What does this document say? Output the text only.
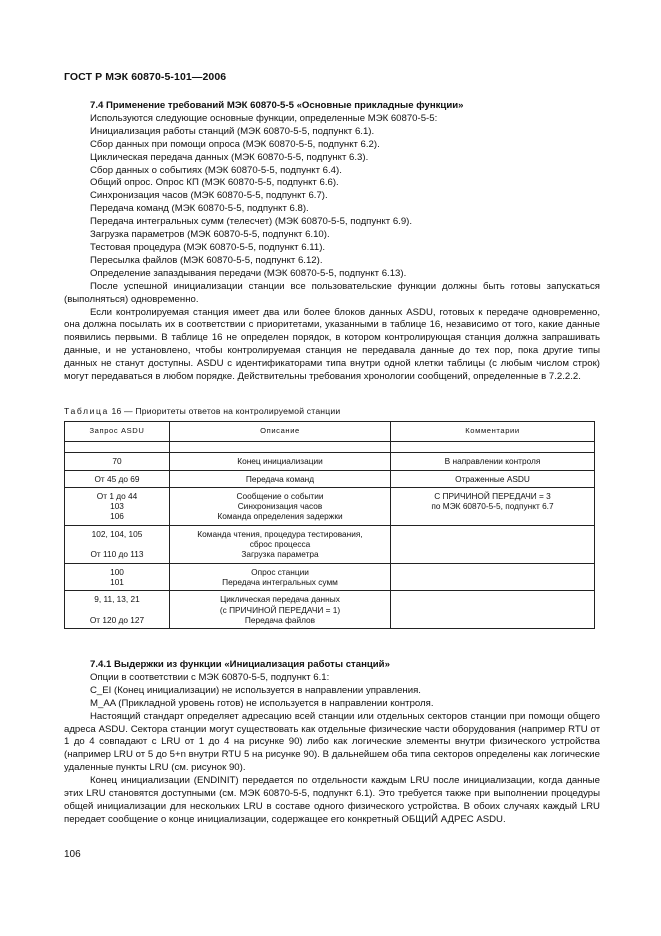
ГОСТ Р МЭК 60870-5-101—2006

7.4 Применение требований МЭК 60870-5-5 «Основные прикладные функции»

Используются следующие основные функции, определенные МЭК 60870-5-5:

Инициализация работы станций (МЭК 60870-5-5, подпункт 6.1).

Сбор данных при помощи опроса (МЭК 60870-5-5, подпункт 6.2).

Циклическая передача данных (МЭК 60870-5-5, подпункт 6.3).

Сбор данных о событиях (МЭК 60870-5-5, подпункт 6.4).

Общий опрос. Опрос КП (МЭК 60870-5-5, подпункт 6.6).

Синхронизация часов (МЭК 60870-5-5, подпункт 6.7).

Передача команд (МЭК 60870-5-5, подпункт 6.8).

Передача интегральных сумм (телесчет) (МЭК 60870-5-5, подпункт 6.9).

Загрузка параметров (МЭК 60870-5-5, подпункт 6.10).

Тестовая процедура (МЭК 60870-5-5, подпункт 6.11).

Пересылка файлов (МЭК 60870-5-5, подпункт 6.12).

Определение запаздывания передачи (МЭК 60870-5-5, подпункт 6.13).

После успешной инициализации станции все пользовательские функции должны быть готовы запускаться (выполняться) одновременно.

Если контролируемая станция имеет два или более блоков данных ASDU, готовых к передаче одновременно, она должна посылать их в соответствии с приоритетами, указанными в таблице 16, независимо от того, какие данные появились первыми. В таблице 16 не определен порядок, в котором контролирующая станция должна запрашивать данные, и не установлено, чтобы контролируемая станция не передавала данные до тех пор, пока другие типы данных не станут доступны. ASDU с идентификаторами типа внутри одной клетки таблицы (с любым числом строк) могут передаваться в любом порядке. Действительны требования хронологии сообщений, определенные в 7.2.2.2.

Таблица 16 — Приоритеты ответов на контролируемой станции
Запрос ASDU	Описание	Комментарии

70	Конец инициализации	В направлении контроля

От 45 до 69	Передача команд	Отраженные ASDU

От 1 до 44
103
106	Сообщение о событии
Синхронизация часов
Команда определения задержки	С ПРИЧИНОЙ ПЕРЕДАЧИ = 3
по МЭК 60870-5-5, подпункт 6.7

102, 104, 105
От 110 до 113	Команда чтения, процедура тестирования,
сброс процесса
Загрузка параметра	

100
101	Опрос станции
Передача интегральных сумм	

9, 11, 13, 21
От 120 до 127	Циклическая передача данных
(с ПРИЧИНОЙ ПЕРЕДАЧИ = 1)
Передача файлов	

7.4.1 Выдержки из функции «Инициализация работы станций»

Опции в соответствии с МЭК 60870-5-5, подпункт 6.1:

C_EI (Конец инициализации) не используется в направлении управления.

M_AA (Прикладной уровень готов) не используется в направлении контроля.

Настоящий стандарт определяет адресацию всей станции или отдельных секторов станции при помощи общего адреса ASDU. Сектора станции могут существовать как отдельные физические части оборудования (например RTU от 1 до 4 совпадают с LRU от 1 до 4 на рисунке 90) либо как логические элементы внутри физического устройства (например LRU от 5 до 5+n внутри RTU 5 на рисунке 90). В дальнейшем оба типа секторов определены как логические удаленные пункты LRU (см. рисунок 90).

Конец инициализации (ENDINIT) передается по отдельности каждым LRU после инициализации, когда данные этих LRU становятся доступными (см. МЭК 60870-5-5, подпункт 6.1). Это требуется также при выполнении процедуры общей инициализации для нескольких LRU в составе одного физического устройства. В обоих случаях каждый LRU передает сообщение о конце инициализации, содержащее его конкретный ОБЩИЙ АДРЕС ASDU.

106
